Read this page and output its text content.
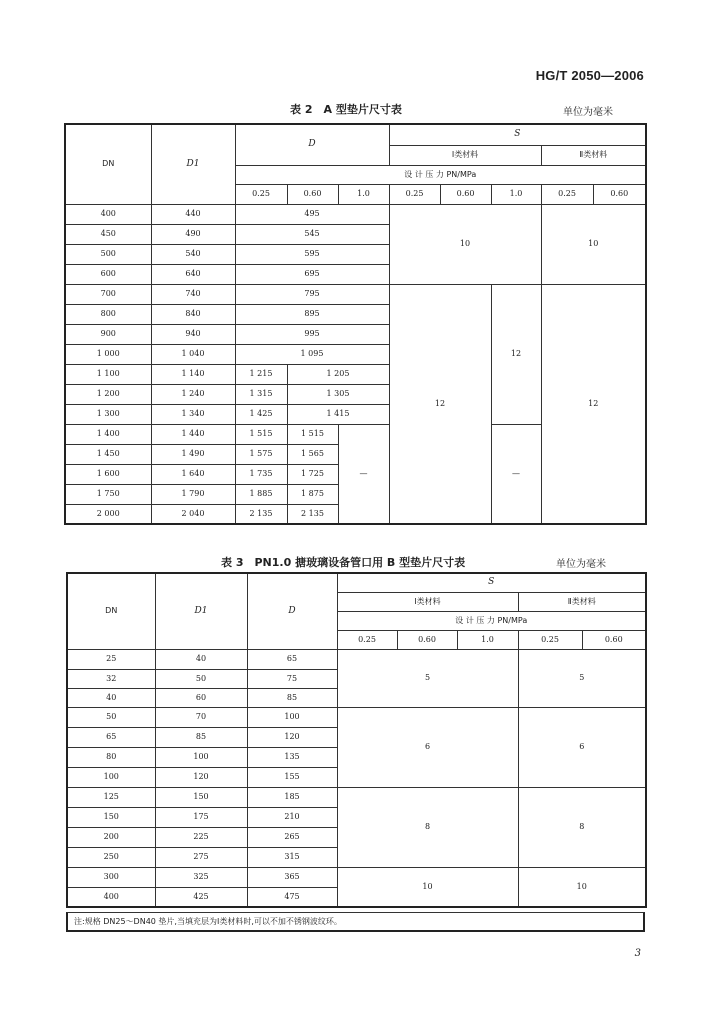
HG/T 2050—2006
表 2　A 型垫片尺寸表	单位为毫米
DN	D1	D			S				
					Ⅰ类材料			Ⅱ类材料	
		设 计 压 力 PN/MPa							
		0.25	0.60	1.0	0.25	0.60	1.0	0.25	0.60
400	440	495			10			10	
450	490	545							
500	540	595							
600	640	695							
700	740	795			12		12	12	
800	840	895							
900	940	995							
1 000	1 040	1 095							
1 100	1 140	1 215	1 205						
1 200	1 240	1 315	1 305						
1 300	1 340	1 425	1 415						
1 400	1 440	1 515	1 515	—			—		
1 450	1 490	1 575	1 565						
1 600	1 640	1 735	1 725						
1 750	1 790	1 885	1 875						
2 000	2 040	2 135	2 135						
表 3　PN1.0 搪玻璃设备管口用 B 型垫片尺寸表	单位为毫米
DN	D1	D	S				
			Ⅰ类材料			Ⅱ类材料	
			设 计 压 力 PN/MPa				
			0.25	0.60	1.0	0.25	0.60
25	40	65	5			5	
32	50	75					
40	60	85					
50	70	100	6			6	
65	85	120					
80	100	135					
100	120	155					
125	150	185	8			8	
150	175	210					
200	225	265					
250	275	315					
300	325	365	10			10	
400	425	475					
注:规格 DN25～DN40 垫片,当填充层为Ⅰ类材料时,可以不加不锈钢波纹环。
3
